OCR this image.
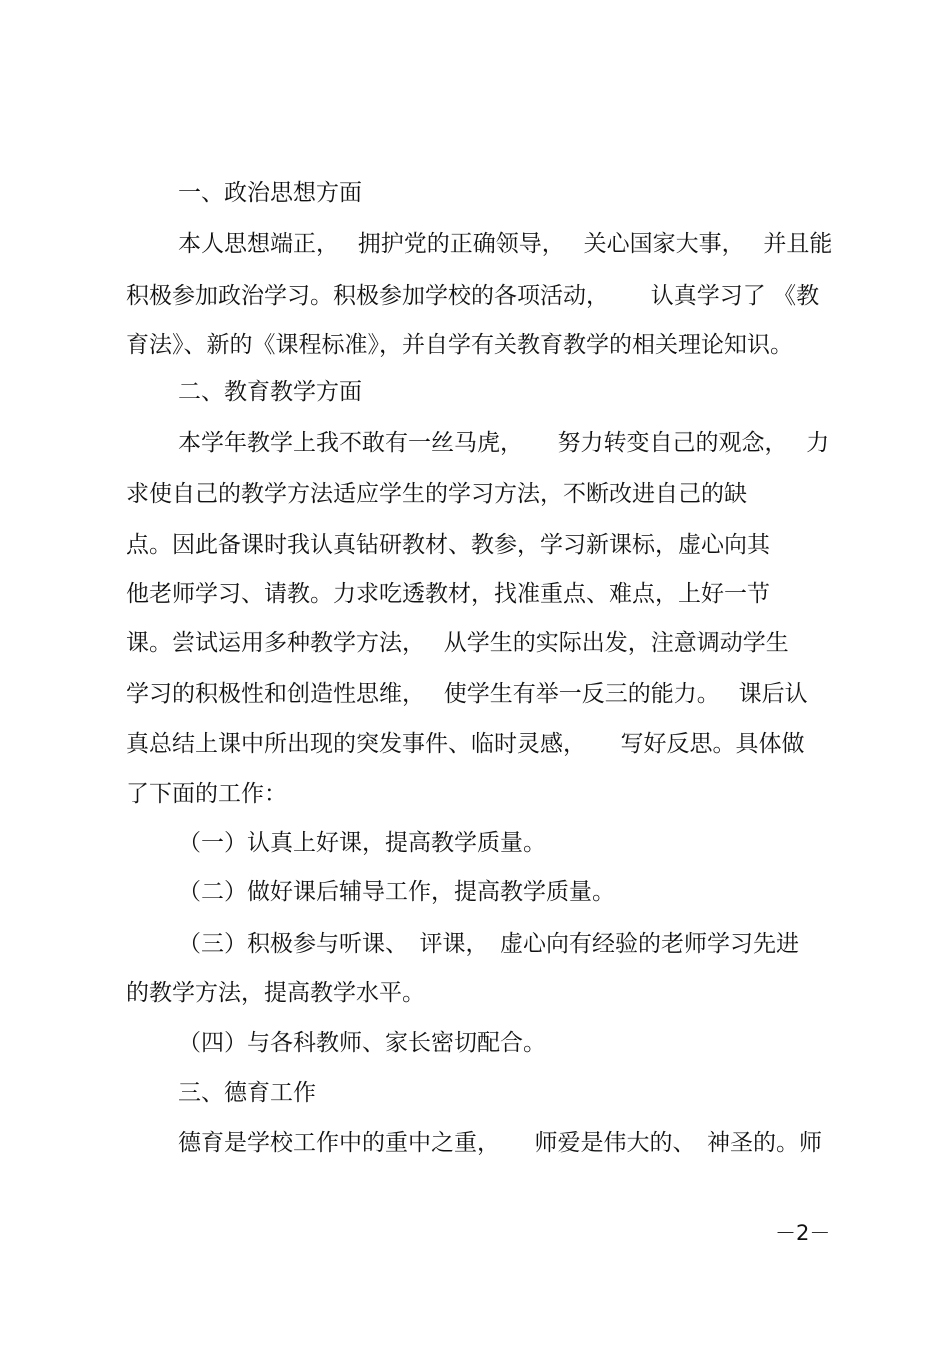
一、政治思想方面

本人思想端正，　 拥护党的正确领导，　 关心国家大事，　 并且能

积极参加政治学习。积极参加学校的各项活动，　　 认真学习了 《教

育法》、新的《课程标准》，并自学有关教育教学的相关理论知识。

二、教育教学方面

本学年教学上我不敢有一丝马虎，　　努力转变自己的观念，　 力

求使自己的教学方法适应学生的学习方法，不断改进自己的缺

点。因此备课时我认真钻研教材、教参，学习新课标，虚心向其

他老师学习、请教。力求吃透教材，找准重点、难点，上好一节

课。尝试运用多种教学方法，　 从学生的实际出发，注意调动学生

学习的积极性和创造性思维，　 使学生有举一反三的能力。　 课后认

真总结上课中所出现的突发事件、临时灵感，　　写好反思。具体做

了下面的工作：

（一）认真上好课，提高教学质量。

（二）做好课后辅导工作，提高教学质量。

（三）积极参与听课、　评课，　虚心向有经验的老师学习先进

的教学方法，提高教学水平。

（四）与各科教师、家长密切配合。

三、德育工作

德育是学校工作中的重中之重，　　师爱是伟大的、　神圣的。师

－2－
